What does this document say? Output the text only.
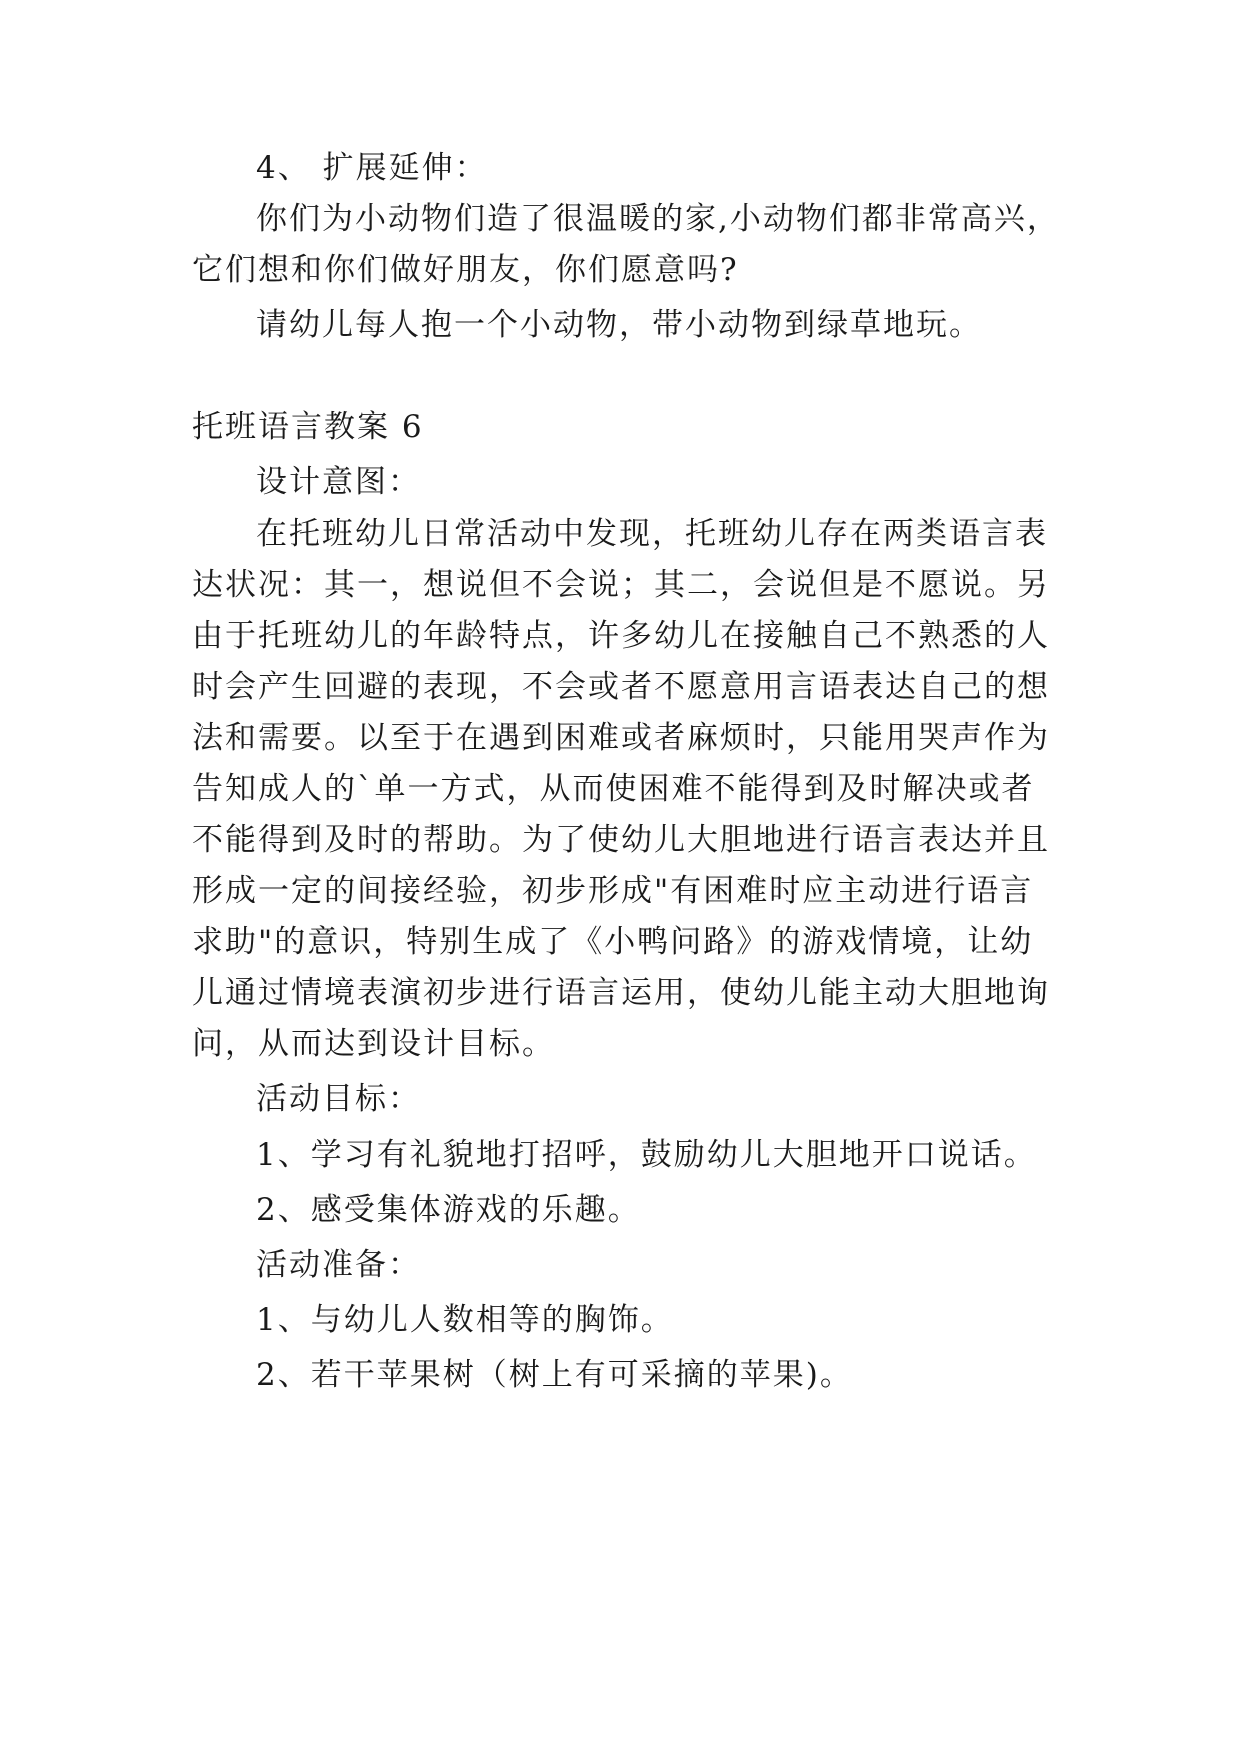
4、 扩展延伸：
你们为小动物们造了很温暖的家,小动物们都非常高兴，
它们想和你们做好朋友，你们愿意吗?
请幼儿每人抱一个小动物，带小动物到绿草地玩。
托班语言教案 6
设计意图：
在托班幼儿日常活动中发现，托班幼儿存在两类语言表
达状况：其一，想说但不会说；其二，会说但是不愿说。另
由于托班幼儿的年龄特点，许多幼儿在接触自己不熟悉的人
时会产生回避的表现，不会或者不愿意用言语表达自己的想
法和需要。以至于在遇到困难或者麻烦时，只能用哭声作为
告知成人的`单一方式，从而使困难不能得到及时解决或者
不能得到及时的帮助。为了使幼儿大胆地进行语言表达并且
形成一定的间接经验，初步形成"有困难时应主动进行语言
求助"的意识，特别生成了《小鸭问路》的游戏情境，让幼
儿通过情境表演初步进行语言运用，使幼儿能主动大胆地询
问，从而达到设计目标。
活动目标：
1、学习有礼貌地打招呼，鼓励幼儿大胆地开口说话。
2、感受集体游戏的乐趣。
活动准备：
1、与幼儿人数相等的胸饰。
2、若干苹果树（树上有可采摘的苹果)。
